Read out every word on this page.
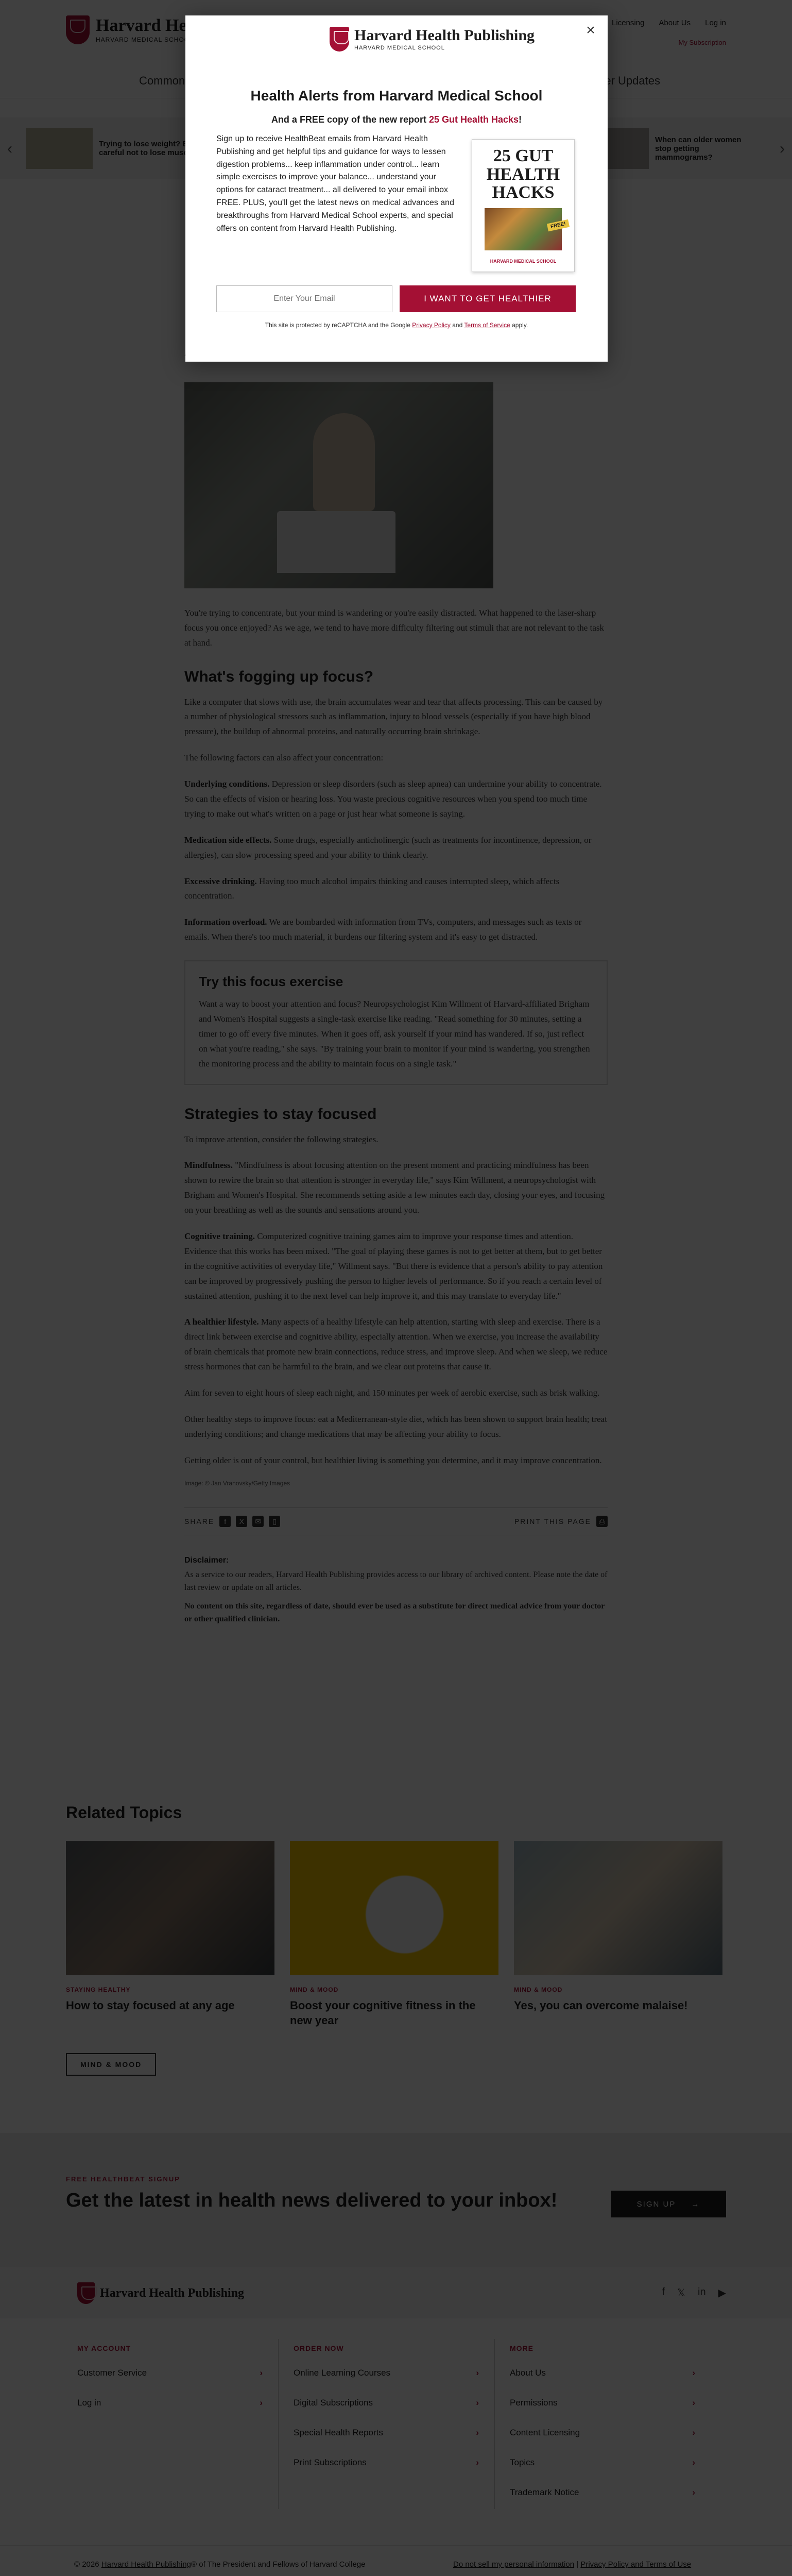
×
Harvard Health Publishing
HARVARD MEDICAL SCHOOL
Health Alerts from Harvard Medical School
And a FREE copy of the new report 25 Gut Health Hacks!
Sign up to receive HealthBeat emails from Harvard Health Publishing and get helpful tips and guidance for ways to lessen digestion problems... keep inflammation under control... learn simple exercises to improve your balance... understand your options for cataract treatment... all delivered to your email inbox FREE. PLUS, you'll get the latest news on medical advances and breakthroughs from Harvard Medical School experts, and special offers on content from Harvard Health Publishing.
25 GUT HEALTH HACKS
FREE!
HARVARD MEDICAL SCHOOL
Enter Your Email
I WANT TO GET HEALTHIER
This site is protected by reCAPTCHA and the Google Privacy Policy and Terms of Service apply.
